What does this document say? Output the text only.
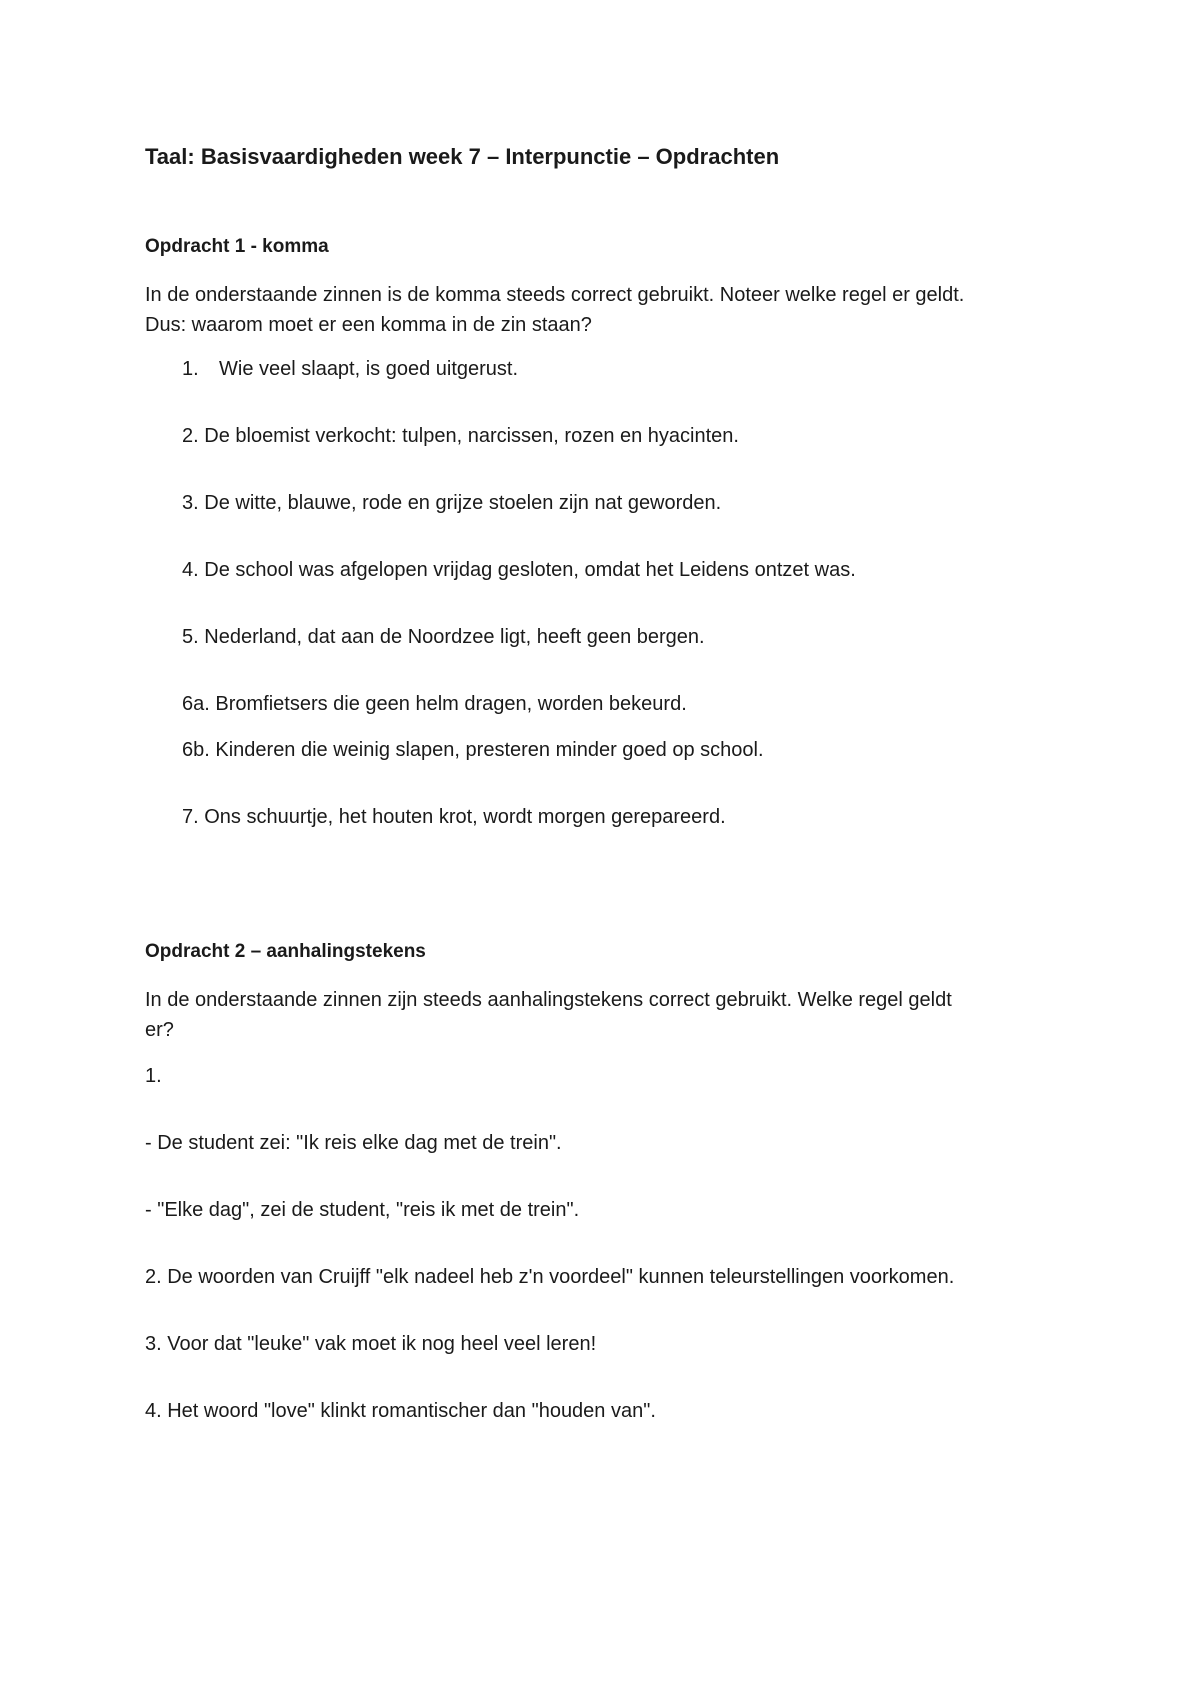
Taal: Basisvaardigheden week 7 – Interpunctie – Opdrachten
Opdracht 1 - komma

In de onderstaande zinnen is de komma steeds correct gebruikt. Noteer welke regel er geldt.
Dus: waarom moet er een komma in de zin staan?

1. Wie veel slaapt, is goed uitgerust.
2. De bloemist verkocht: tulpen, narcissen, rozen en hyacinten.
3. De witte, blauwe, rode en grijze stoelen zijn nat geworden.
4. De school was afgelopen vrijdag gesloten, omdat het Leidens ontzet was.
5. Nederland, dat aan de Noordzee ligt, heeft geen bergen.
6a. Bromfietsers die geen helm dragen, worden bekeurd.
6b. Kinderen die weinig slapen, presteren minder goed op school.
7. Ons schuurtje, het houten krot, wordt morgen gerepareerd.
Opdracht 2 – aanhalingstekens

In de onderstaande zinnen zijn steeds aanhalingstekens correct gebruikt. Welke regel geldt
er?

1.
- De student zei: "Ik reis elke dag met de trein".
- "Elke dag", zei de student, "reis ik met de trein".
2. De woorden van Cruijff "elk nadeel heb z'n voordeel" kunnen teleurstellingen voorkomen.
3. Voor dat "leuke" vak moet ik nog heel veel leren!
4. Het woord "love" klinkt romantischer dan "houden van".
